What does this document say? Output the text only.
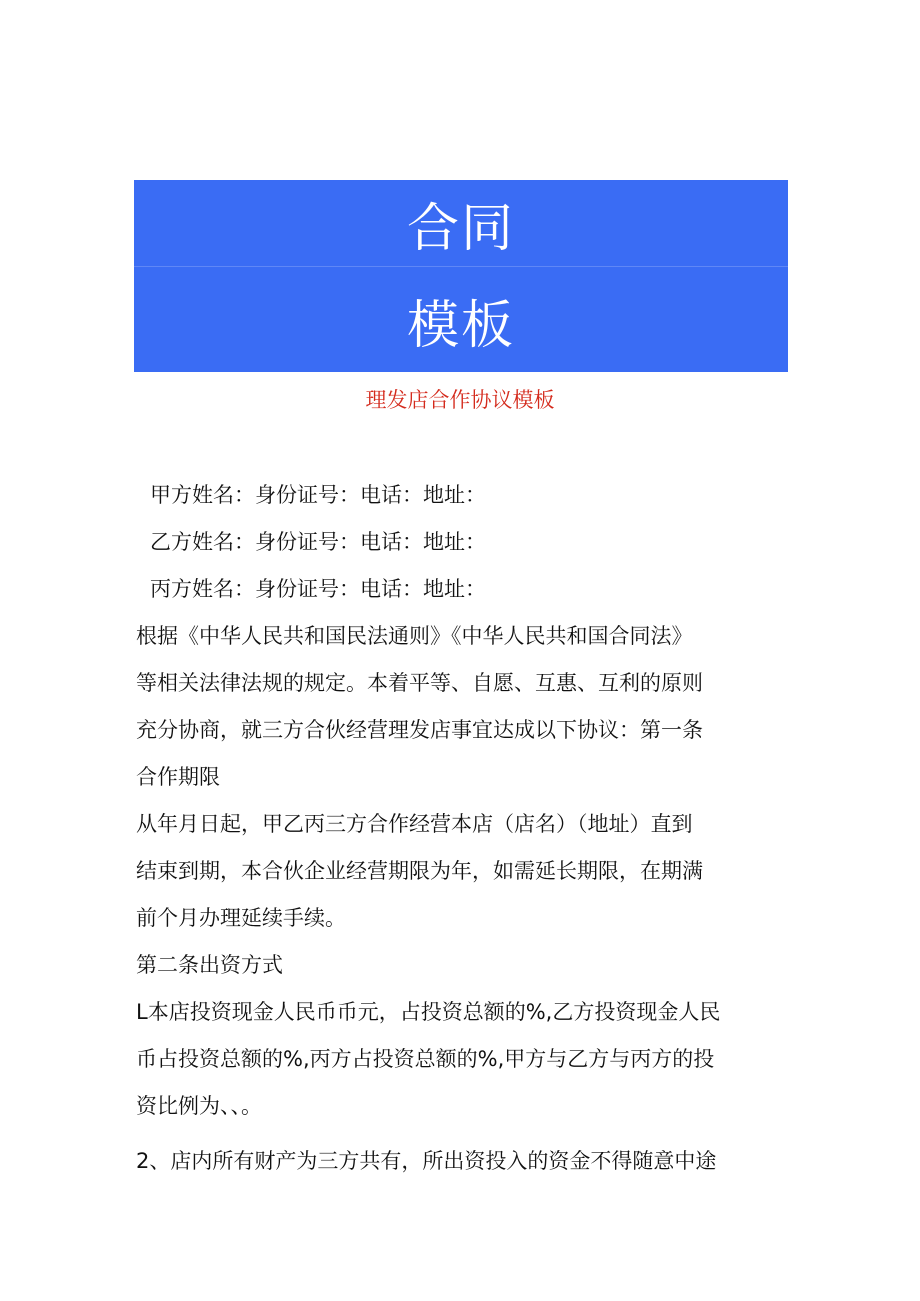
合同
模板
理发店合作协议模板
甲方姓名：身份证号：电话：地址：
乙方姓名：身份证号：电话：地址：
丙方姓名：身份证号：电话：地址：
根据《中华人民共和国民法通则》《中华人民共和国合同法》
等相关法律法规的规定。本着平等、自愿、互惠、互利的原则
充分协商，就三方合伙经营理发店事宜达成以下协议：第一条
合作期限
从年月日起，甲乙丙三方合作经营本店（店名）（地址）直到
结束到期，本合伙企业经营期限为年，如需延长期限，在期满
前个月办理延续手续。
第二条出资方式
L本店投资现金人民币币元，占投资总额的%,乙方投资现金人民
币占投资总额的%,丙方占投资总额的%,甲方与乙方与丙方的投
资比例为、、。
2、店内所有财产为三方共有，所出资投入的资金不得随意中途
